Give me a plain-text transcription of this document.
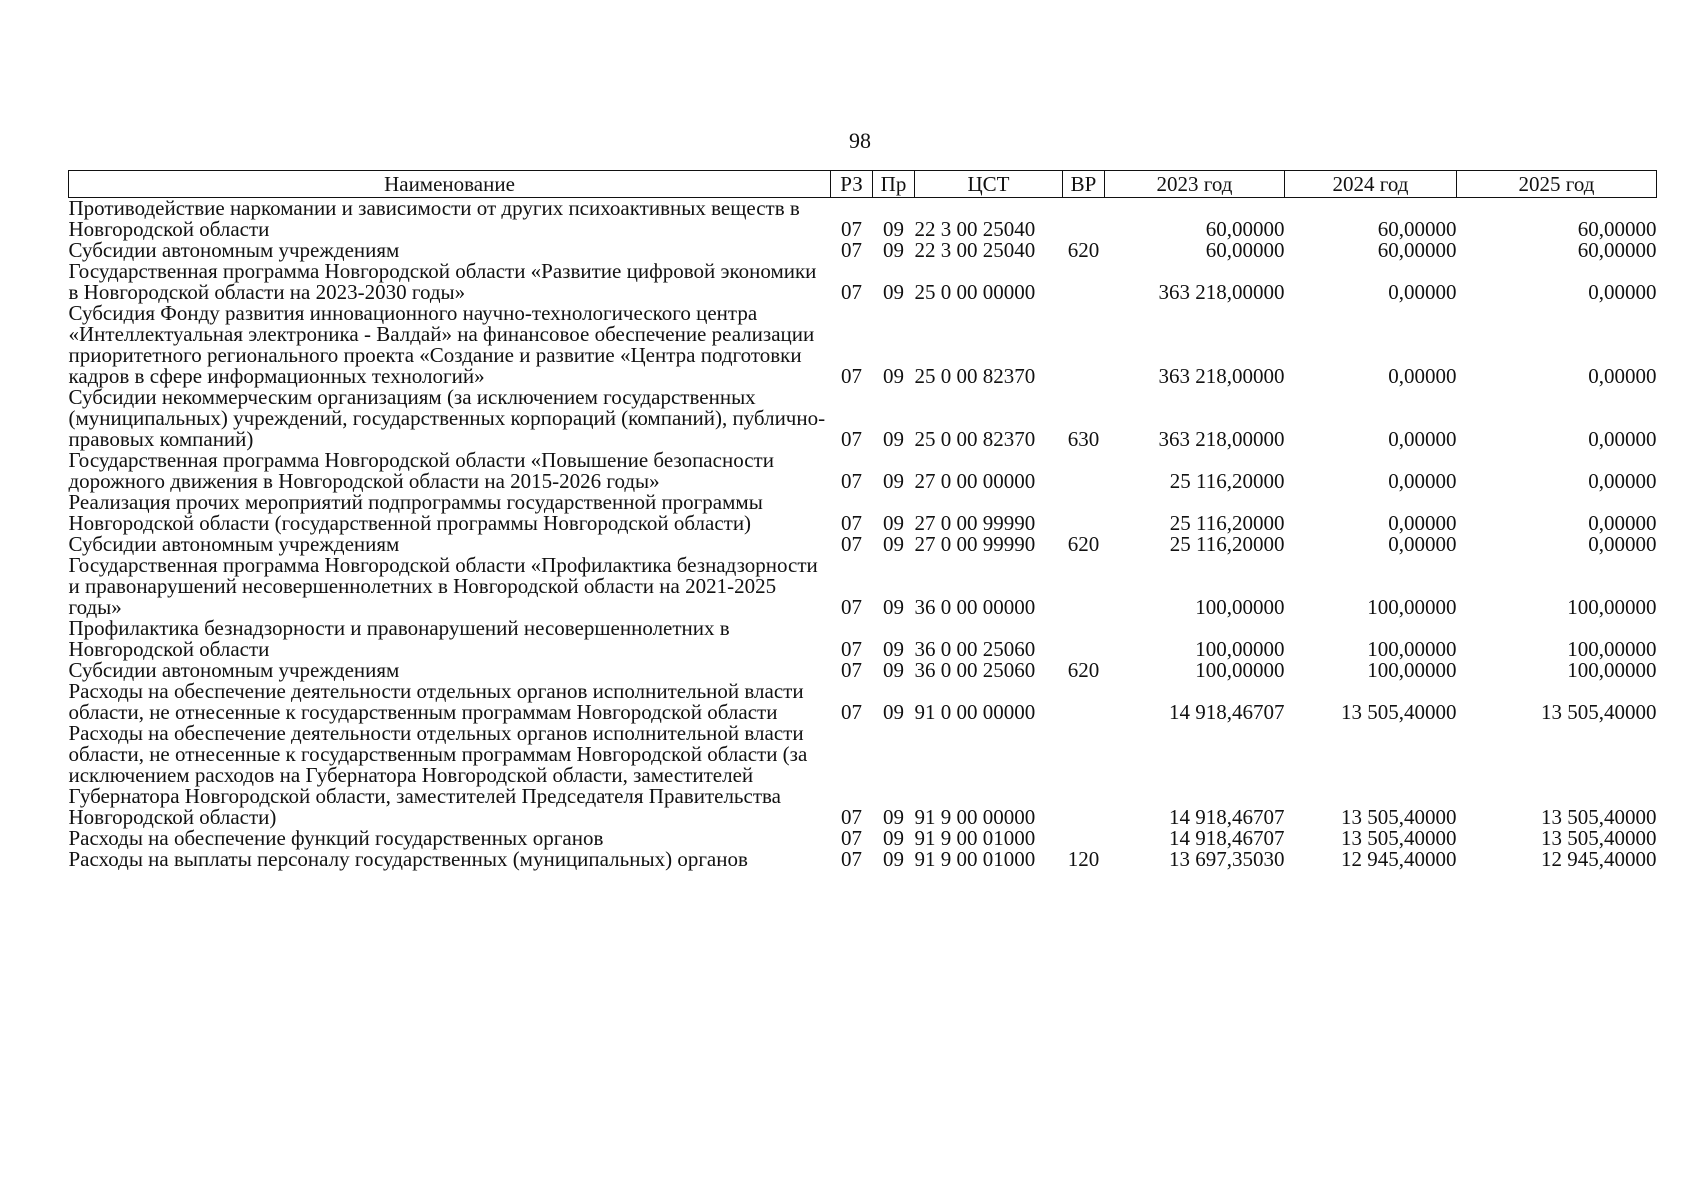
98
Наименование	РЗ	Пр	ЦСТ	ВР	2023 год	2024 год	2025 год
Противодействие наркомании и зависимости от других психоактивных веществ в Новгородской области	07	09	22 3 00 25040		60,00000	60,00000	60,00000
Субсидии автономным учреждениям	07	09	22 3 00 25040	620	60,00000	60,00000	60,00000
Государственная программа Новгородской области «Развитие цифровой экономики в Новгородской области на 2023-2030 годы»	07	09	25 0 00 00000		363 218,00000	0,00000	0,00000
Субсидия Фонду развития инновационного научно-технологического центра «Интеллектуальная электроника - Валдай» на финансовое обеспечение реализации приоритетного регионального проекта «Создание и развитие «Центра подготовки кадров в сфере информационных технологий»	07	09	25 0 00 82370		363 218,00000	0,00000	0,00000
Субсидии некоммерческим организациям (за исключением государственных (муниципальных) учреждений, государственных корпораций (компаний), публично-правовых компаний)	07	09	25 0 00 82370	630	363 218,00000	0,00000	0,00000
Государственная программа Новгородской области «Повышение безопасности дорожного движения в Новгородской области на 2015-2026 годы»	07	09	27 0 00 00000		25 116,20000	0,00000	0,00000
Реализация прочих мероприятий подпрограммы государственной программы Новгородской области (государственной программы Новгородской области)	07	09	27 0 00 99990		25 116,20000	0,00000	0,00000
Субсидии автономным учреждениям	07	09	27 0 00 99990	620	25 116,20000	0,00000	0,00000
Государственная программа Новгородской области «Профилактика безнадзорности и правонарушений несовершеннолетних в Новгородской области на 2021-2025 годы»	07	09	36 0 00 00000		100,00000	100,00000	100,00000
Профилактика безнадзорности и правонарушений несовершеннолетних в Новгородской области	07	09	36 0 00 25060		100,00000	100,00000	100,00000
Субсидии автономным учреждениям	07	09	36 0 00 25060	620	100,00000	100,00000	100,00000
Расходы на обеспечение деятельности отдельных органов исполнительной власти области, не отнесенные к государственным программам Новгородской области	07	09	91 0 00 00000		14 918,46707	13 505,40000	13 505,40000
Расходы на обеспечение деятельности отдельных органов исполнительной власти области, не отнесенные к государственным программам Новгородской области (за исключением расходов на Губернатора Новгородской области, заместителей Губернатора Новгородской области, заместителей Председателя Правительства Новгородской области)	07	09	91 9 00 00000		14 918,46707	13 505,40000	13 505,40000
Расходы на обеспечение функций государственных органов	07	09	91 9 00 01000		14 918,46707	13 505,40000	13 505,40000
Расходы на выплаты персоналу государственных (муниципальных) органов	07	09	91 9 00 01000	120	13 697,35030	12 945,40000	12 945,40000
